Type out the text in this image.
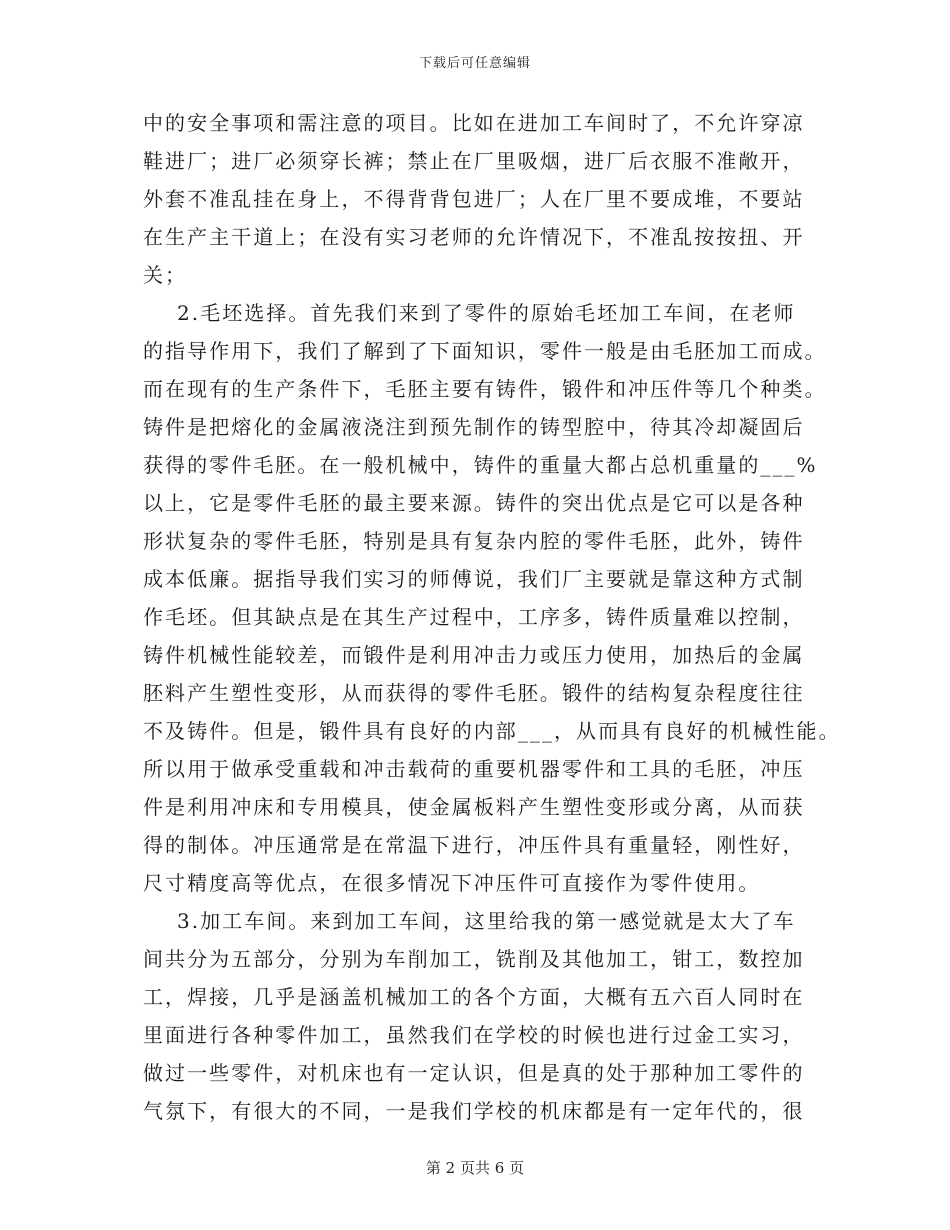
下载后可任意编辑
中的安全事项和需注意的项目。比如在进加工车间时了，不允许穿凉
鞋进厂；进厂必须穿长裤；禁止在厂里吸烟，进厂后衣服不准敞开，
外套不准乱挂在身上，不得背背包进厂；人在厂里不要成堆，不要站
在生产主干道上；在没有实习老师的允许情况下，不准乱按按扭、开
关；
2.毛坯选择。首先我们来到了零件的原始毛坯加工车间，在老师
的指导作用下，我们了解到了下面知识，零件一般是由毛胚加工而成。
而在现有的生产条件下，毛胚主要有铸件，锻件和冲压件等几个种类。
铸件是把熔化的金属液浇注到预先制作的铸型腔中，待其冷却凝固后
获得的零件毛胚。在一般机械中，铸件的重量大都占总机重量的___%
以上，它是零件毛胚的最主要来源。铸件的突出优点是它可以是各种
形状复杂的零件毛胚，特别是具有复杂内腔的零件毛胚，此外，铸件
成本低廉。据指导我们实习的师傅说，我们厂主要就是靠这种方式制
作毛坯。但其缺点是在其生产过程中，工序多，铸件质量难以控制，
铸件机械性能较差，而锻件是利用冲击力或压力使用，加热后的金属
胚料产生塑性变形，从而获得的零件毛胚。锻件的结构复杂程度往往
不及铸件。但是，锻件具有良好的内部___，从而具有良好的机械性能。
所以用于做承受重载和冲击载荷的重要机器零件和工具的毛胚，冲压
件是利用冲床和专用模具，使金属板料产生塑性变形或分离，从而获
得的制体。冲压通常是在常温下进行，冲压件具有重量轻，刚性好，
尺寸精度高等优点，在很多情况下冲压件可直接作为零件使用。
3.加工车间。来到加工车间，这里给我的第一感觉就是太大了车
间共分为五部分，分别为车削加工，铣削及其他加工，钳工，数控加
工，焊接，几乎是涵盖机械加工的各个方面，大概有五六百人同时在
里面进行各种零件加工，虽然我们在学校的时候也进行过金工实习，
做过一些零件，对机床也有一定认识，但是真的处于那种加工零件的
气氛下，有很大的不同，一是我们学校的机床都是有一定年代的，很
第 2 页共 6 页
